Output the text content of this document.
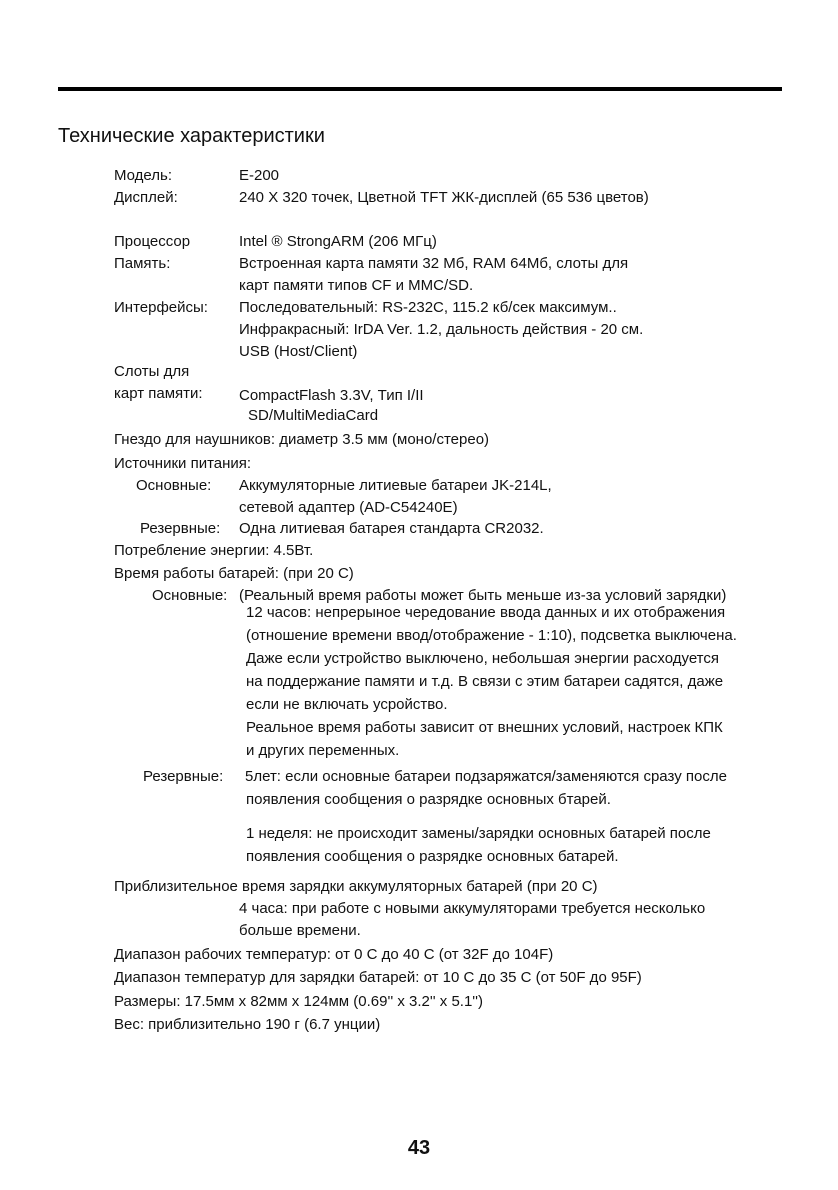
Технические характеристики
Модель:	E-200
Дисплей:	240 X 320 точек, Цветной TFT ЖК-дисплей (65 536 цветов)
Процессор	Intel ® StrongARM (206 МГц)
Память:	Встроенная карта памяти 32 Мб, RAM 64Мб, слоты для
карт памяти типов CF и MMC/SD.
Интерфейсы: Последовательный: RS-232C, 115.2 кб/сек максимум..
Инфракрасный: IrDA Ver. 1.2, дальность действия - 20 см.
USB (Host/Client)
Слоты для
карт памяти: CompactFlash 3.3V, Тип I/II
SD/MultiMediaCard
Гнездо для наушников: диаметр 3.5 мм (моно/стерео)
Источники питания:
Основные: Аккумуляторные литиевые батареи JK-214L,
сетевой адаптер (AD-C54240E)
Резервные: Одна литиевая батарея стандарта CR2032.
Потребление энергии: 4.5Вт.
Время работы батарей: (при 20 С)
Основные: (Реальный время работы может быть меньше из-за условий зарядки)
12 часов: непрерыное чередование ввода данных и их отображения
(отношение времени ввод/отображение - 1:10), подсветка выключена.
Даже если устройство выключено, небольшая энергии расходуется
на поддержание памяти и т.д. В связи с этим батареи садятся, даже
если не включать усройство.
Реальное время работы зависит от внешних условий, настроек КПК
и других переменных.
Резервные: 5лет: если основные батареи подзаряжатся/заменяются сразу после
появления сообщения о разрядке основных бтарей.
1 неделя: не происходит замены/зарядки основных батарей после
появления сообщения о разрядке основных батарей.
Приблизительное время зарядки аккумуляторных батарей (при 20 С)
4 часа: при работе с новыми аккумуляторами требуется несколько
больше времени.
Диапазон рабочих температур: от 0 С до 40 С (от 32F до 104F)
Диапазон температур для зарядки батарей: от 10 С до 35 С (от 50F до 95F)
Размеры: 17.5мм x 82мм x 124мм (0.69'' x 3.2'' x 5.1'')
Вес: приблизительно 190 г (6.7 унции)
43
